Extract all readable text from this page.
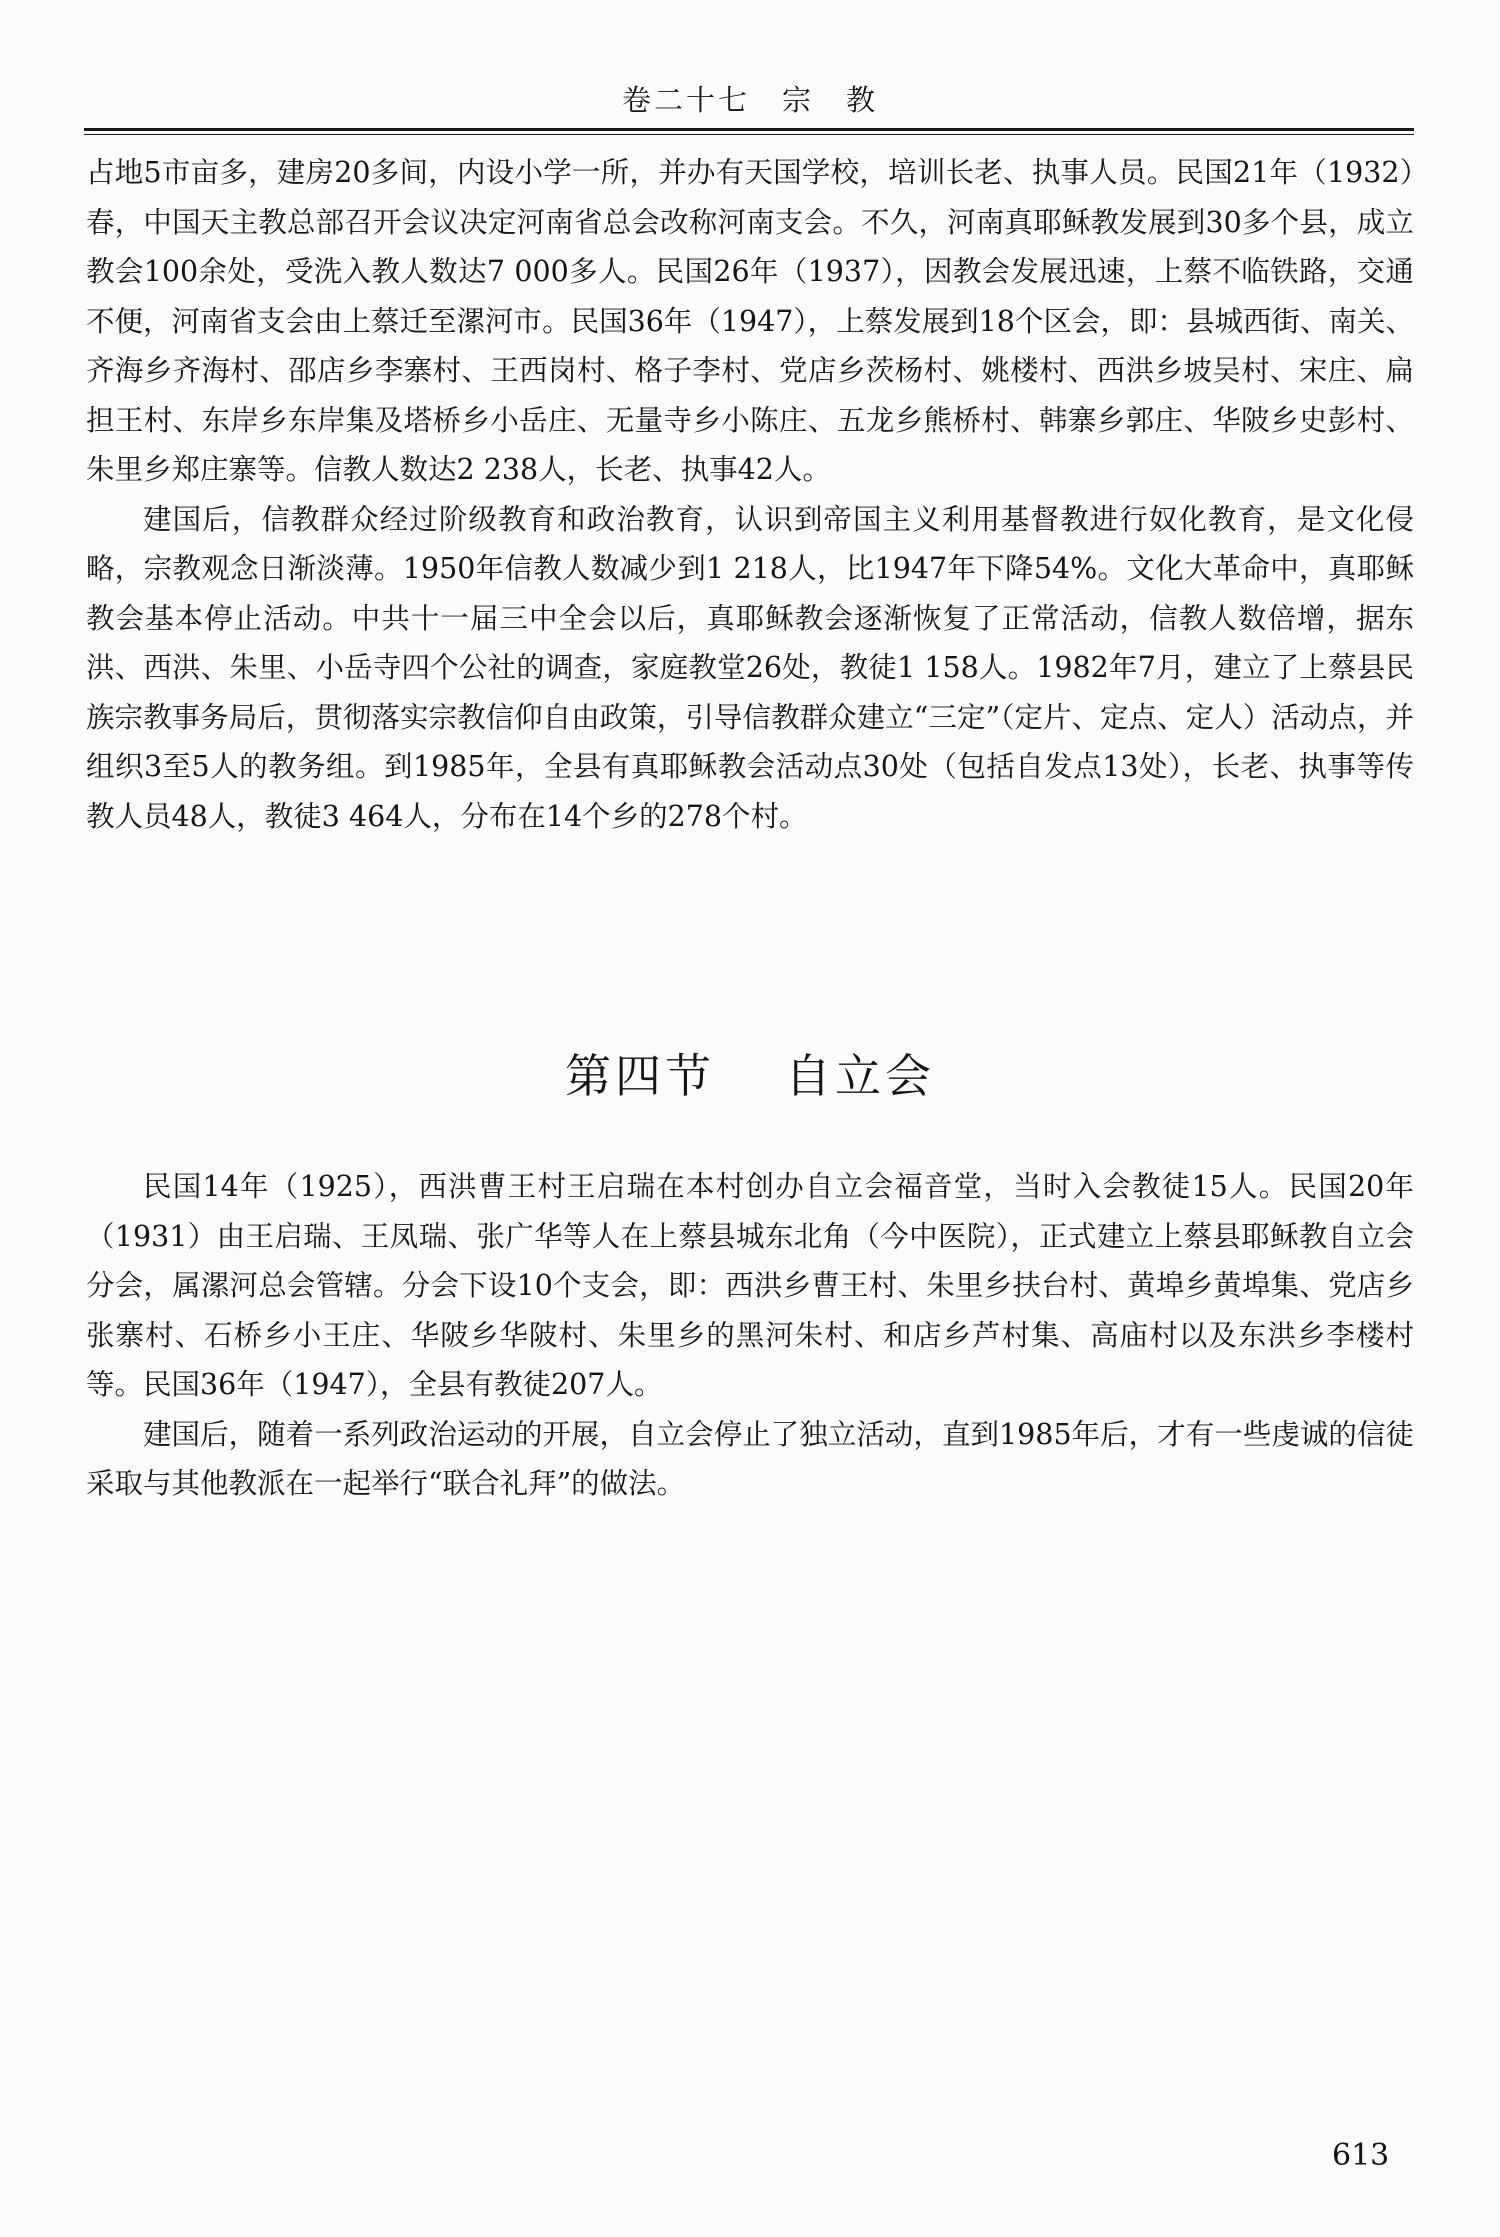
卷二十七　宗　教

占地5市亩多，建房20多间，内设小学一所，并办有天国学校，培训长老、执事人员。民国21年（1932）春，中国天主教总部召开会议决定河南省总会改称河南支会。不久，河南真耶稣教发展到30多个县，成立教会100余处，受洗入教人数达7 000多人。民国26年（1937），因教会发展迅速，上蔡不临铁路，交通不便，河南省支会由上蔡迁至漯河市。民国36年（1947），上蔡发展到18个区会，即：县城西街、南关、齐海乡齐海村、邵店乡李寨村、王西岗村、格子李村、党店乡茨杨村、姚楼村、西洪乡坡吴村、宋庄、扁担王村、东岸乡东岸集及塔桥乡小岳庄、无量寺乡小陈庄、五龙乡熊桥村、韩寨乡郭庄、华陂乡史彭村、朱里乡郑庄寨等。信教人数达2 238人，长老、执事42人。

建国后，信教群众经过阶级教育和政治教育，认识到帝国主义利用基督教进行奴化教育，是文化侵略，宗教观念日渐淡薄。1950年信教人数减少到1 218人，比1947年下降54%。文化大革命中，真耶稣教会基本停止活动。中共十一届三中全会以后，真耶稣教会逐渐恢复了正常活动，信教人数倍增，据东洪、西洪、朱里、小岳寺四个公社的调查，家庭教堂26处，教徒1 158人。1982年7月，建立了上蔡县民族宗教事务局后，贯彻落实宗教信仰自由政策，引导信教群众建立“三定”（定片、定点、定人）活动点，并组织3至5人的教务组。到1985年，全县有真耶稣教会活动点30处（包括自发点13处），长老、执事等传教人员48人，教徒3 464人，分布在14个乡的278个村。

第四节 自立会

民国14年（1925），西洪曹王村王启瑞在本村创办自立会福音堂，当时入会教徒15人。民国20年（1931）由王启瑞、王凤瑞、张广华等人在上蔡县城东北角（今中医院），正式建立上蔡县耶稣教自立会分会，属漯河总会管辖。分会下设10个支会，即：西洪乡曹王村、朱里乡扶台村、黄埠乡黄埠集、党店乡张寨村、石桥乡小王庄、华陂乡华陂村、朱里乡的黑河朱村、和店乡芦村集、高庙村以及东洪乡李楼村等。民国36年（1947），全县有教徒207人。

建国后，随着一系列政治运动的开展，自立会停止了独立活动，直到1985年后，才有一些虔诚的信徒采取与其他教派在一起举行“联合礼拜”的做法。

613
